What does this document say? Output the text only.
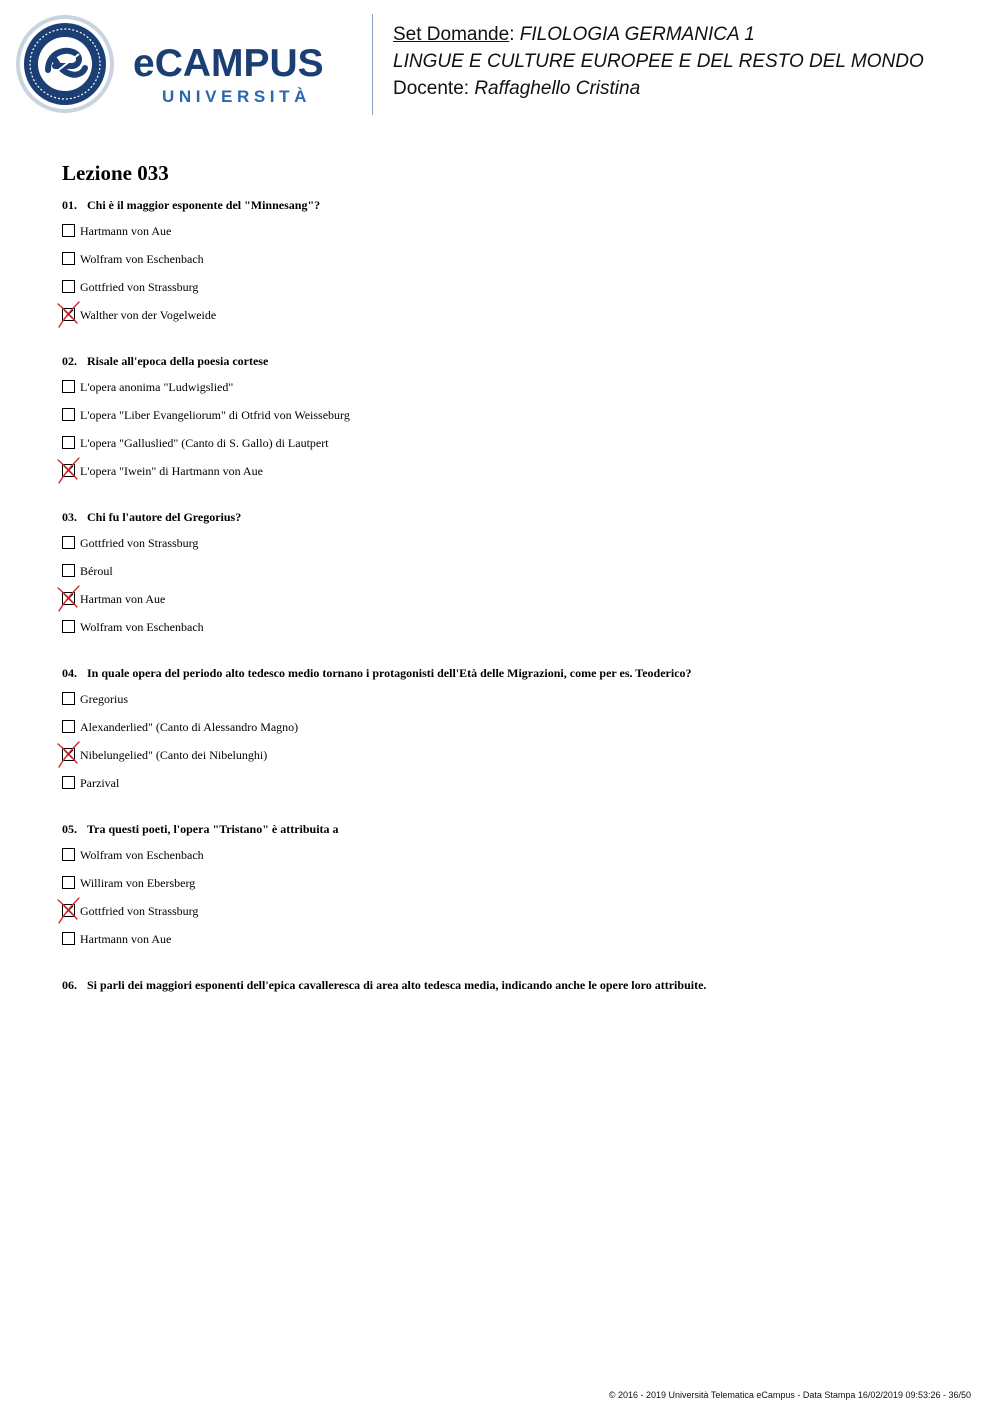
eCAMPUS
UNIVERSITÀ
Set Domande: FILOLOGIA GERMANICA 1
LINGUE E CULTURE EUROPEE E DEL RESTO DEL MONDO
Docente: Raffaghello Cristina
Lezione 033
01. Chi è il maggior esponente del "Minnesang"?
Hartmann von Aue
Wolfram von Eschenbach
Gottfried von Strassburg
Walther von der Vogelweide
02. Risale all'epoca della poesia cortese
L'opera anonima "Ludwigslied"
L'opera "Liber Evangeliorum" di Otfrid von Weisseburg
L'opera "Galluslied" (Canto di S. Gallo) di Lautpert
L'opera "Iwein" di Hartmann von Aue
03. Chi fu l'autore del Gregorius?
Gottfried von Strassburg
Béroul
Hartman von Aue
Wolfram von Eschenbach
04. In quale opera del periodo alto tedesco medio tornano i protagonisti dell'Età delle Migrazioni, come per es. Teoderico?
Gregorius
Alexanderlied" (Canto di Alessandro Magno)
Nibelungelied" (Canto dei Nibelunghi)
Parzival
05. Tra questi poeti, l'opera "Tristano" è attribuita a
Wolfram von Eschenbach
Williram von Ebersberg
Gottfried von Strassburg
Hartmann von Aue
06. Si parli dei maggiori esponenti dell'epica cavalleresca di area alto tedesca media, indicando anche le opere loro attribuite.
© 2016 - 2019 Università Telematica eCampus - Data Stampa 16/02/2019 09:53:26 - 36/50
